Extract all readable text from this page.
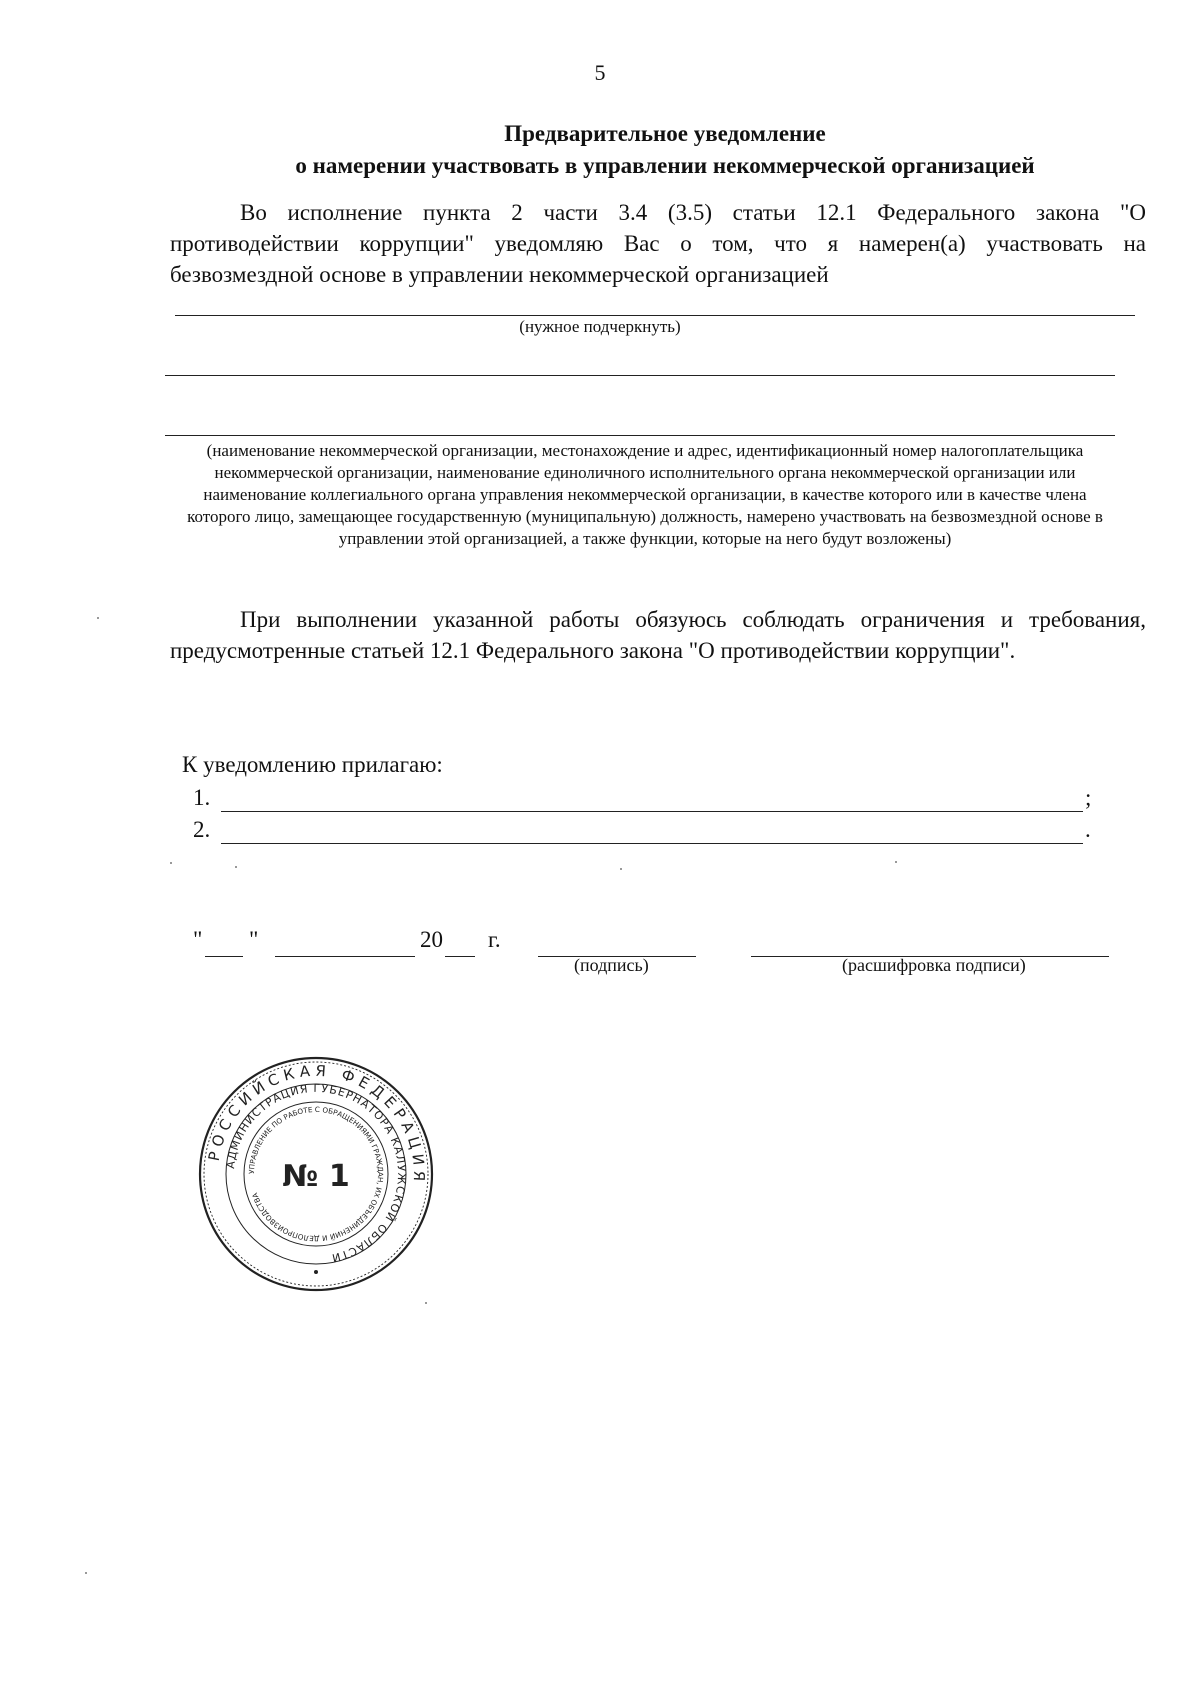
5
Предварительное уведомление
о намерении участвовать в управлении некоммерческой организацией
Во исполнение пункта 2 части 3.4 (3.5) статьи 12.1 Федерального закона "О противодействии коррупции" уведомляю Вас о том, что я намерен(а) участвовать на безвозмездной основе в управлении некоммерческой организацией
(нужное подчеркнуть)
(наименование некоммерческой организации, местонахождение и адрес, идентификационный номер налогоплательщика некоммерческой организации, наименование единоличного исполнительного органа некоммерческой организации или наименование коллегиального органа управления некоммерческой организации, в качестве которого или в качестве члена которого лицо, замещающее государственную (муниципальную) должность, намерено участвовать на безвозмездной основе в управлении этой организацией, а также функции, которые на него будут возложены)
При выполнении указанной работы обязуюсь соблюдать ограничения и требования, предусмотренные статьей 12.1 Федерального закона "О противодействии коррупции".
К уведомлению прилагаю:
1.	;
2.	.
" "	20 г.
(подпись)	(расшифровка подписи)
РОССИЙСКАЯ ФЕДЕРАЦИЯ
АДМИНИСТРАЦИЯ ГУБЕРНАТОРА КАЛУЖСКОЙ ОБЛАСТИ
УПРАВЛЕНИЕ ПО РАБОТЕ С ОБРАЩЕНИЯМИ ГРАЖДАН, ИХ ОБЪЕДИНЕНИЙ И ДЕЛОПРОИЗВОДСТВА
№ 1
